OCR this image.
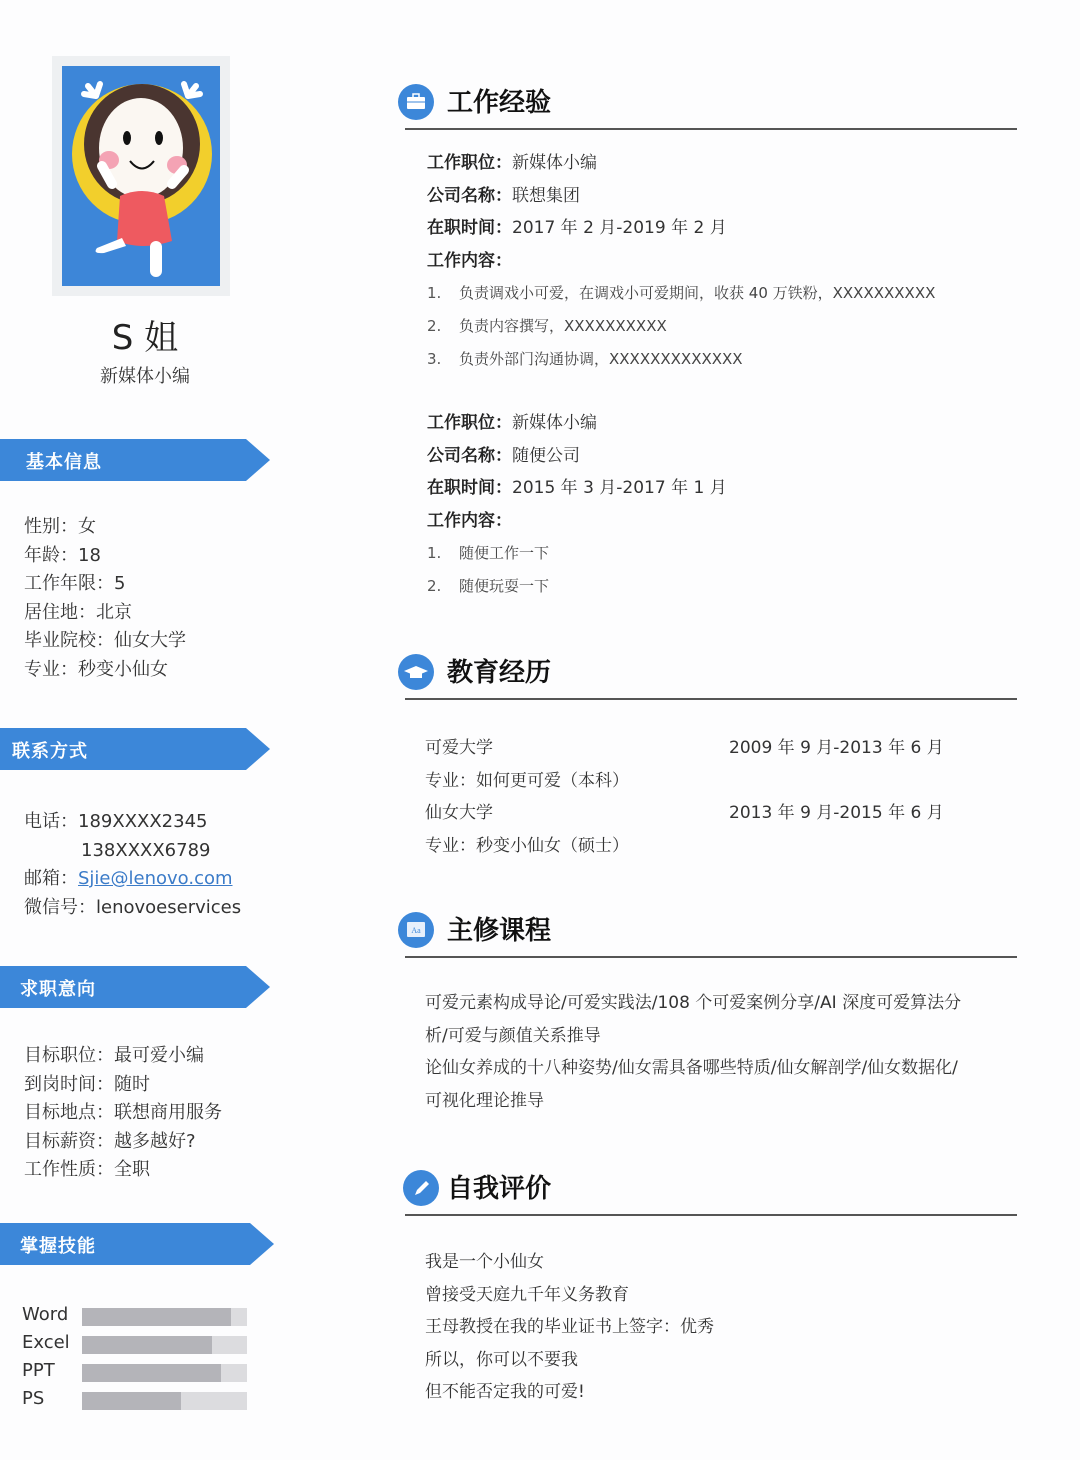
S 姐
新媒体小编
基本信息
性别：女
年龄：18
工作年限：5
居住地：北京
毕业院校：仙女大学
专业：秒变小仙女
联系方式
电话：189XXXX2345
138XXXX6789
邮箱：Sjie@lenovo.com
微信号：lenovoeservices
求职意向
目标职位：最可爱小编
到岗时间：随时
目标地点：联想商用服务
目标薪资：越多越好?
工作性质：全职
掌握技能
Word
Excel
PPT
PS
工作经验
工作职位：新媒体小编
公司名称：联想集团
在职时间：2017 年 2 月-2019 年 2 月
工作内容：
1. 负责调戏小可爱，在调戏小可爱期间，收获 40 万铁粉，XXXXXXXXXX
2. 负责内容撰写，XXXXXXXXXX
3. 负责外部门沟通协调，XXXXXXXXXXXXX
工作职位：新媒体小编
公司名称：随便公司
在职时间：2015 年 3 月-2017 年 1 月
工作内容：
1. 随便工作一下
2. 随便玩耍一下
教育经历
可爱大学	2009 年 9 月-2013 年 6 月
专业：如何更可爱（本科）
仙女大学	2013 年 9 月-2015 年 6 月
专业：秒变小仙女（硕士）
Aa 主修课程
可爱元素构成导论/可爱实践法/108 个可爱案例分享/AI 深度可爱算法分
析/可爱与颜值关系推导
论仙女养成的十八种姿势/仙女需具备哪些特质/仙女解剖学/仙女数据化/
可视化理论推导
自我评价
我是一个小仙女
曾接受天庭九千年义务教育
王母教授在我的毕业证书上签字：优秀
所以，你可以不要我
但不能否定我的可爱!
